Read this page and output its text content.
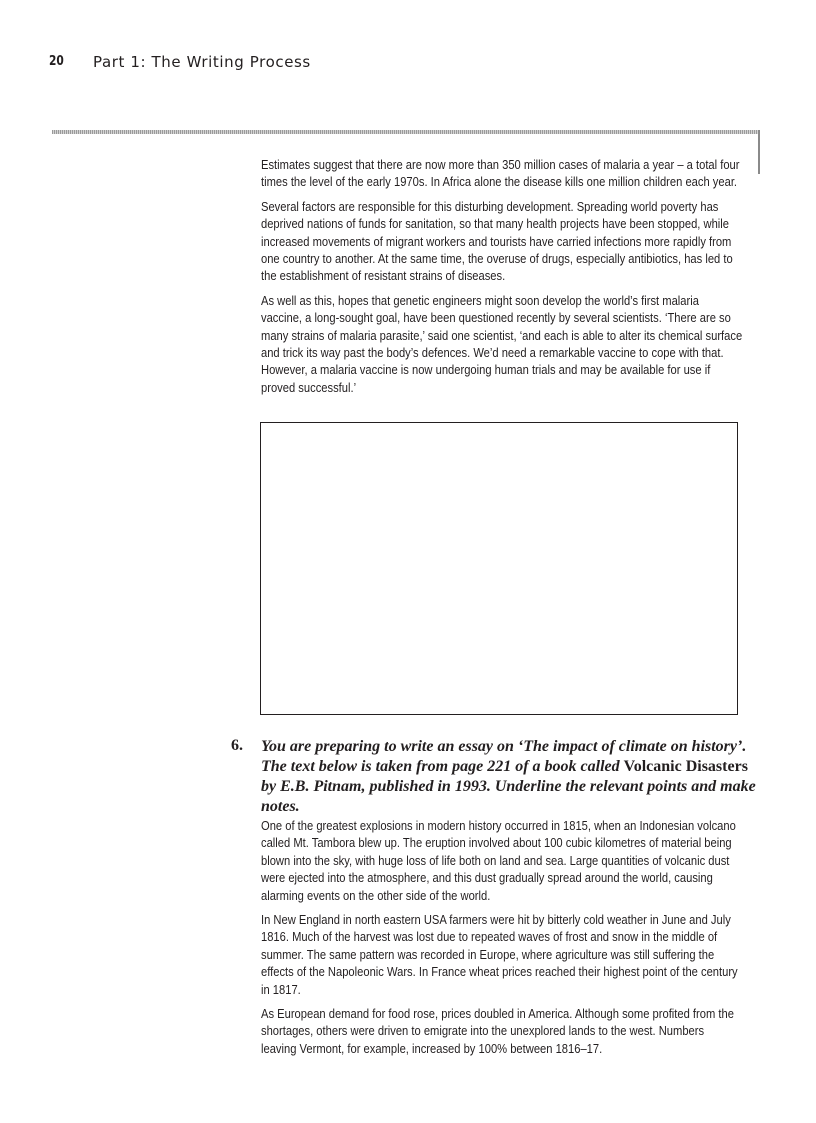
20 Part 1: The Writing Process

Estimates suggest that there are now more than 350 million cases of malaria a year – a total four times the level of the early 1970s. In Africa alone the disease kills one million children each year.

Several factors are responsible for this disturbing development. Spreading world poverty has deprived nations of funds for sanitation, so that many health projects have been stopped, while increased movements of migrant workers and tourists have carried infections more rapidly from one country to another. At the same time, the overuse of drugs, especially antibiotics, has led to the establishment of resistant strains of diseases.

As well as this, hopes that genetic engineers might soon develop the world’s first malaria vaccine, a long-sought goal, have been questioned recently by several scientists. ‘There are so many strains of malaria parasite,’ said one scientist, ‘and each is able to alter its chemical surface and trick its way past the body’s defences. We’d need a remarkable vaccine to cope with that. However, a malaria vaccine is now undergoing human trials and may be available for use if proved successful.’

6. You are preparing to write an essay on ‘The impact of climate on history’. The text below is taken from page 221 of a book called Volcanic Disasters by E.B. Pitnam, published in 1993. Underline the relevant points and make notes.

One of the greatest explosions in modern history occurred in 1815, when an Indonesian volcano called Mt. Tambora blew up. The eruption involved about 100 cubic kilometres of material being blown into the sky, with huge loss of life both on land and sea. Large quantities of volcanic dust were ejected into the atmosphere, and this dust gradually spread around the world, causing alarming events on the other side of the world.

In New England in north eastern USA farmers were hit by bitterly cold weather in June and July 1816. Much of the harvest was lost due to repeated waves of frost and snow in the middle of summer. The same pattern was recorded in Europe, where agriculture was still suffering the effects of the Napoleonic Wars. In France wheat prices reached their highest point of the century in 1817.

As European demand for food rose, prices doubled in America. Although some profited from the shortages, others were driven to emigrate into the unexplored lands to the west. Numbers leaving Vermont, for example, increased by 100% between 1816–17.
